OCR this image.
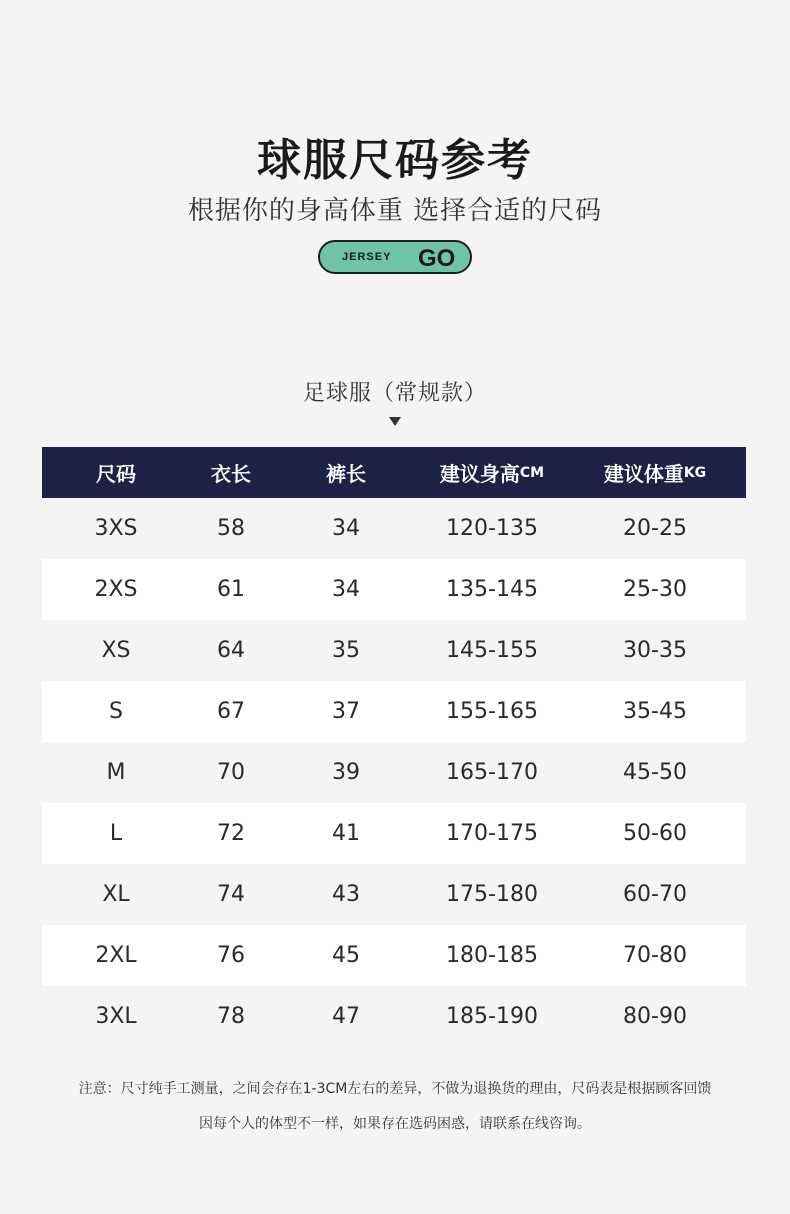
球服尺码参考
根据你的身高体重 选择合适的尺码
JERSEY GO
足球服（常规款）
尺码	衣长	裤长	建议身高 CM	建议体重 KG
3XS	58	34	120-135	20-25
2XS	61	34	135-145	25-30
XS	64	35	145-155	30-35
S	67	37	155-165	35-45
M	70	39	165-170	45-50
L	72	41	170-175	50-60
XL	74	43	175-180	60-70
2XL	76	45	180-185	70-80
3XL	78	47	185-190	80-90
注意：尺寸纯手工测量，之间会存在1-3CM左右的差异，不做为退换货的理由，尺码表是根据顾客回馈
因每个人的体型不一样，如果存在选码困惑，请联系在线咨询。
